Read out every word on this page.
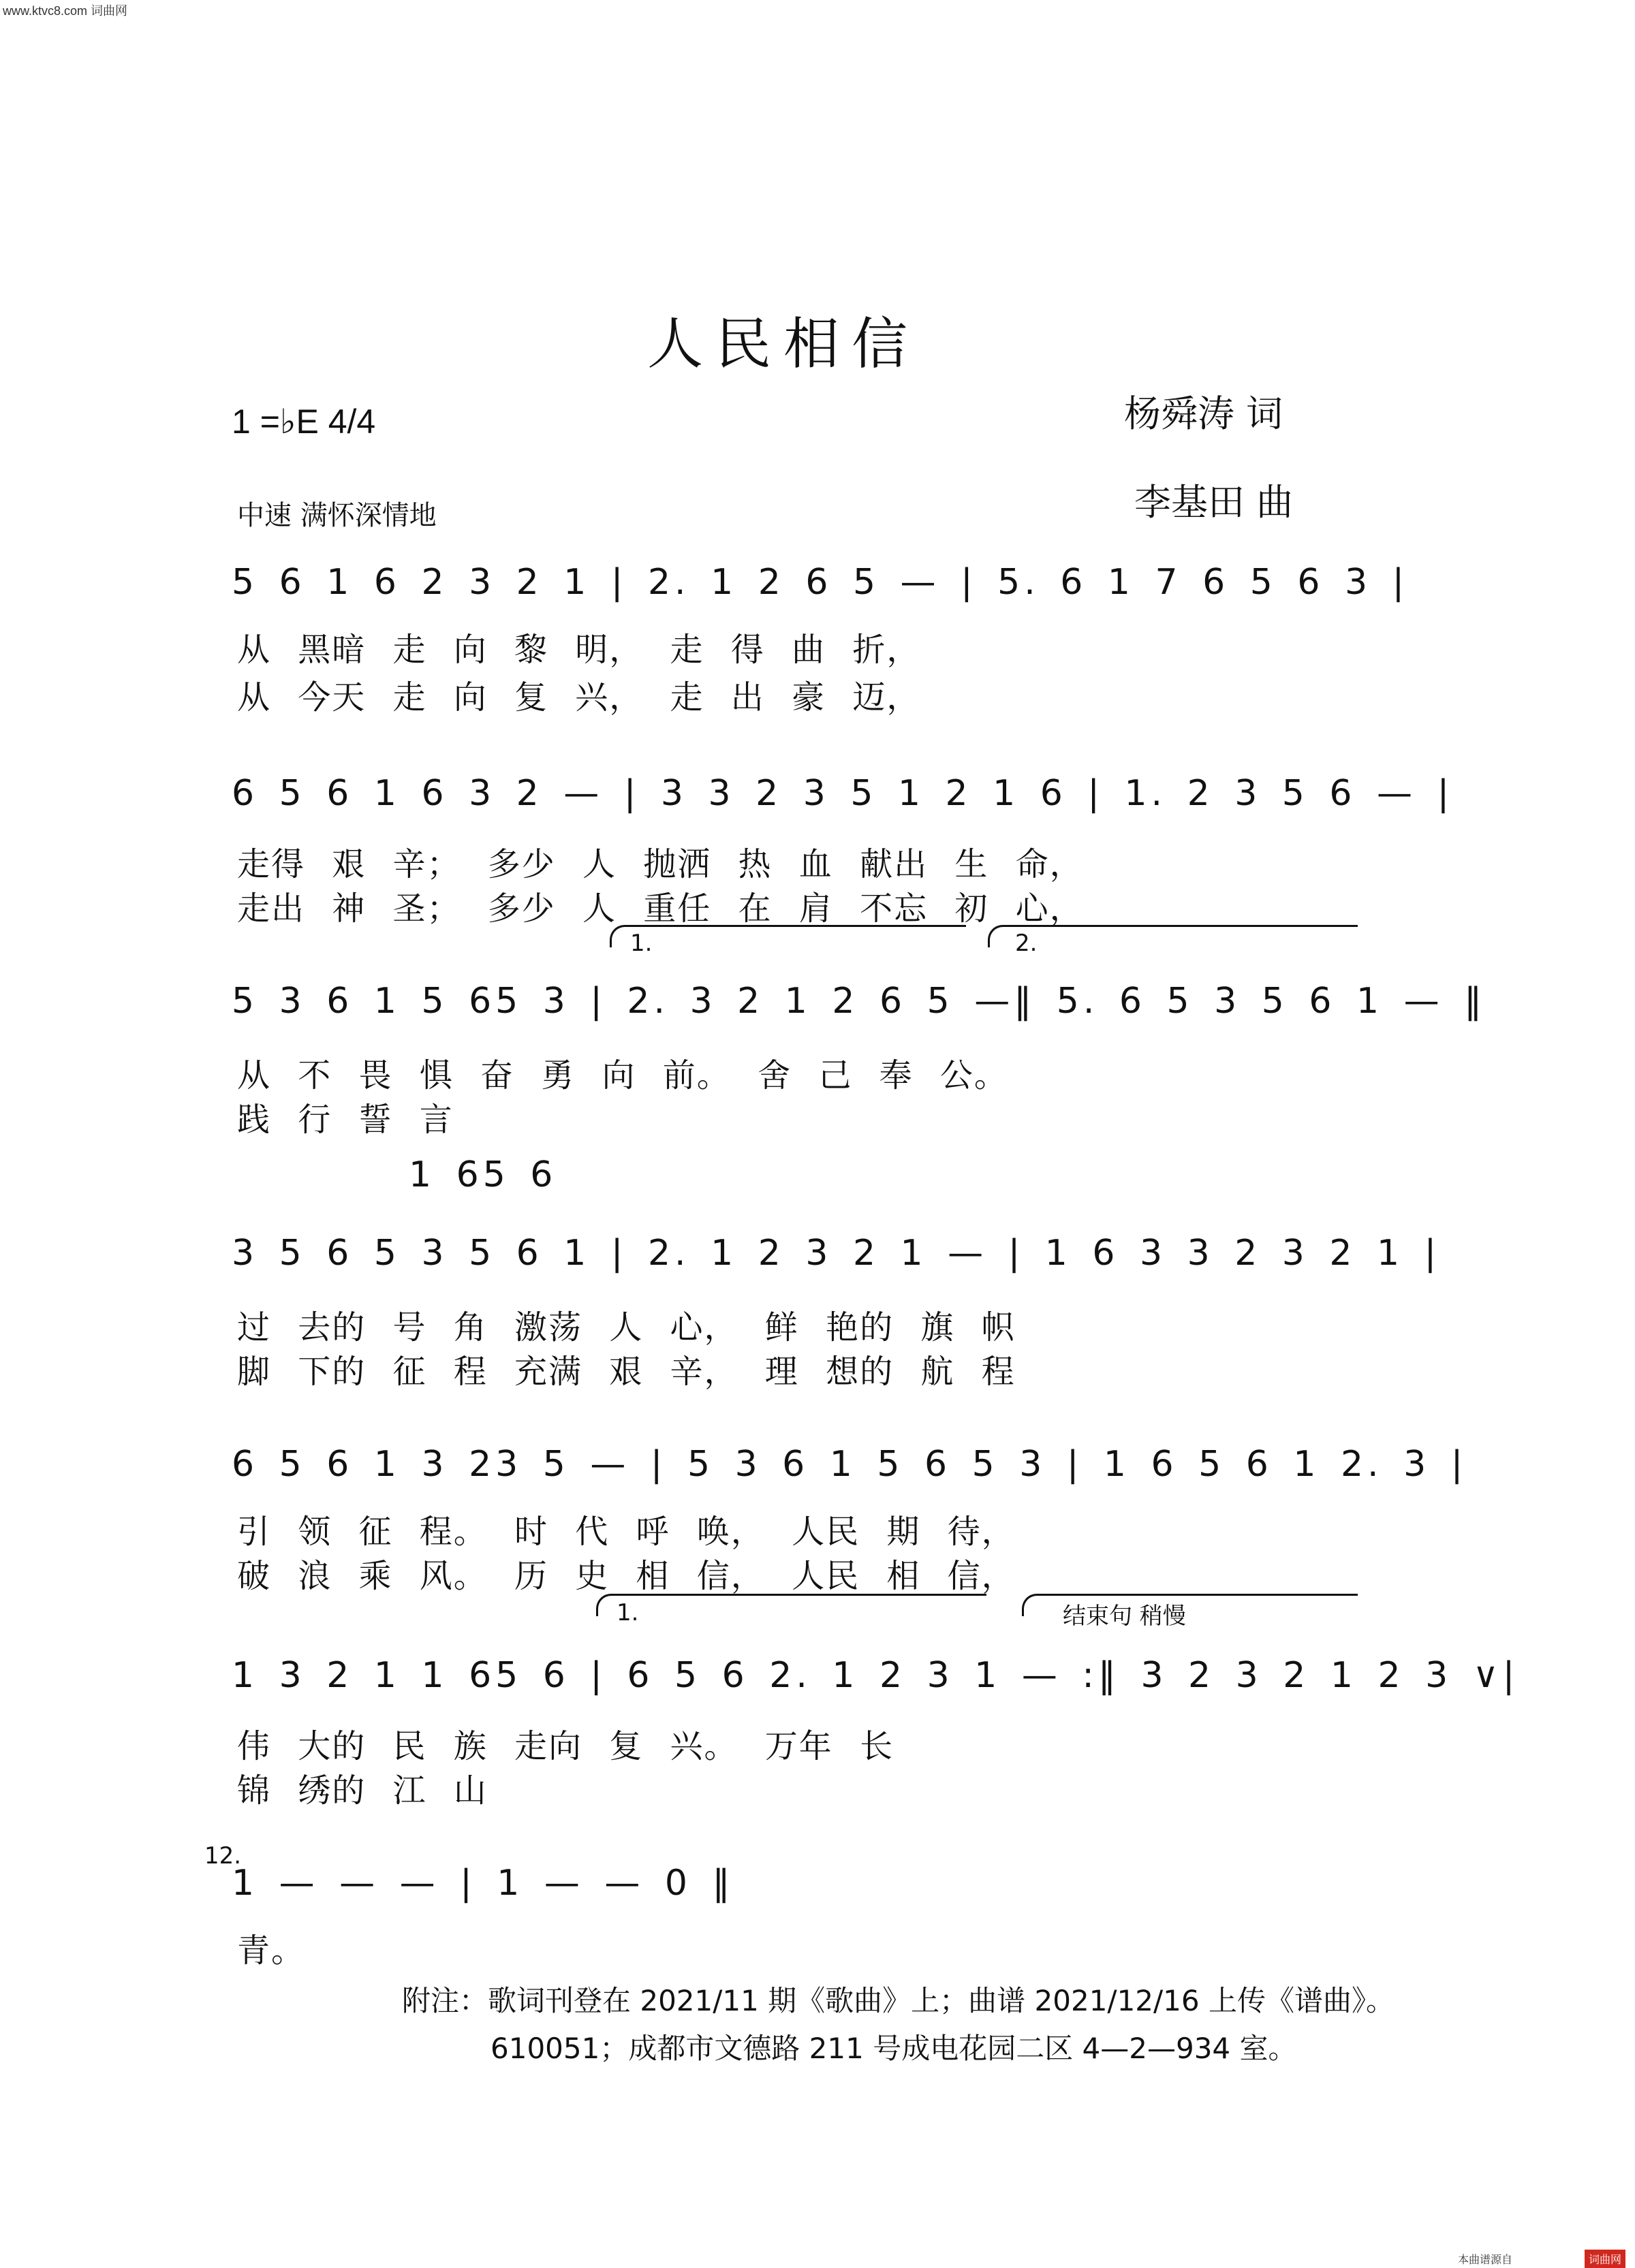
www.ktvc8.com 词曲网
人民相信
1 =♭E 4/4	杨舜涛 词
李基田 曲
中速 满怀深情地
5 6 1 6 2 3 2 1 | 2. 1 2 6 5 — | 5. 6 1 7 6 5 6 3 |
从 黑暗 走 向 黎 明， 走 得 曲 折，
从 今天 走 向 复 兴， 走 出 豪 迈，
6 5 6 1 6 3 2 — | 3 3 2 3 5 1 2 1 6 | 1. 2 3 5 6 — |
走得 艰 辛； 多少 人 抛洒 热 血 献出 生 命，
走出 神 圣； 多少 人 重任 在 肩 不忘 初 心，
1.	2.
5 3 6 1 5 65 3 | 2. 3 2 1 2 6 5 —‖ 5. 6 5 3 5 6 1 — ‖
从 不 畏 惧 奋 勇 向 前。 舍 己 奉 公。
践 行 誓 言
1 65 6
3 5 6 5 3 5 6 1 | 2. 1 2 3 2 1 — | 1 6 3 3 2 3 2 1 |
过 去的 号 角 激荡 人 心， 鲜 艳的 旗 帜
脚 下的 征 程 充满 艰 辛， 理 想的 航 程
6 5 6 1 3 23 5 — | 5 3 6 1 5 6 5 3 | 1 6 5 6 1 2. 3 |
引 领 征 程。 时 代 呼 唤， 人民 期 待，
破 浪 乘 风。 历 史 相 信， 人民 相 信，
1.	结束句 稍慢
1 3 2 1 1 65 6 | 6 5 6 2. 1 2 3 1 — :‖ 3 2 3 2 1 2 3 ∨|
伟 大的 民 族 走向 复 兴。 万年 长
锦 绣的 江 山
12.
1 — — — | 1 — — 0 ‖
青。
附注：歌词刊登在 2021/11 期《歌曲》上；曲谱 2021/12/16 上传《谱曲》。
610051；成都市文德路 211 号成电花园二区 4—2—934 室。
本曲谱源自	词曲网
